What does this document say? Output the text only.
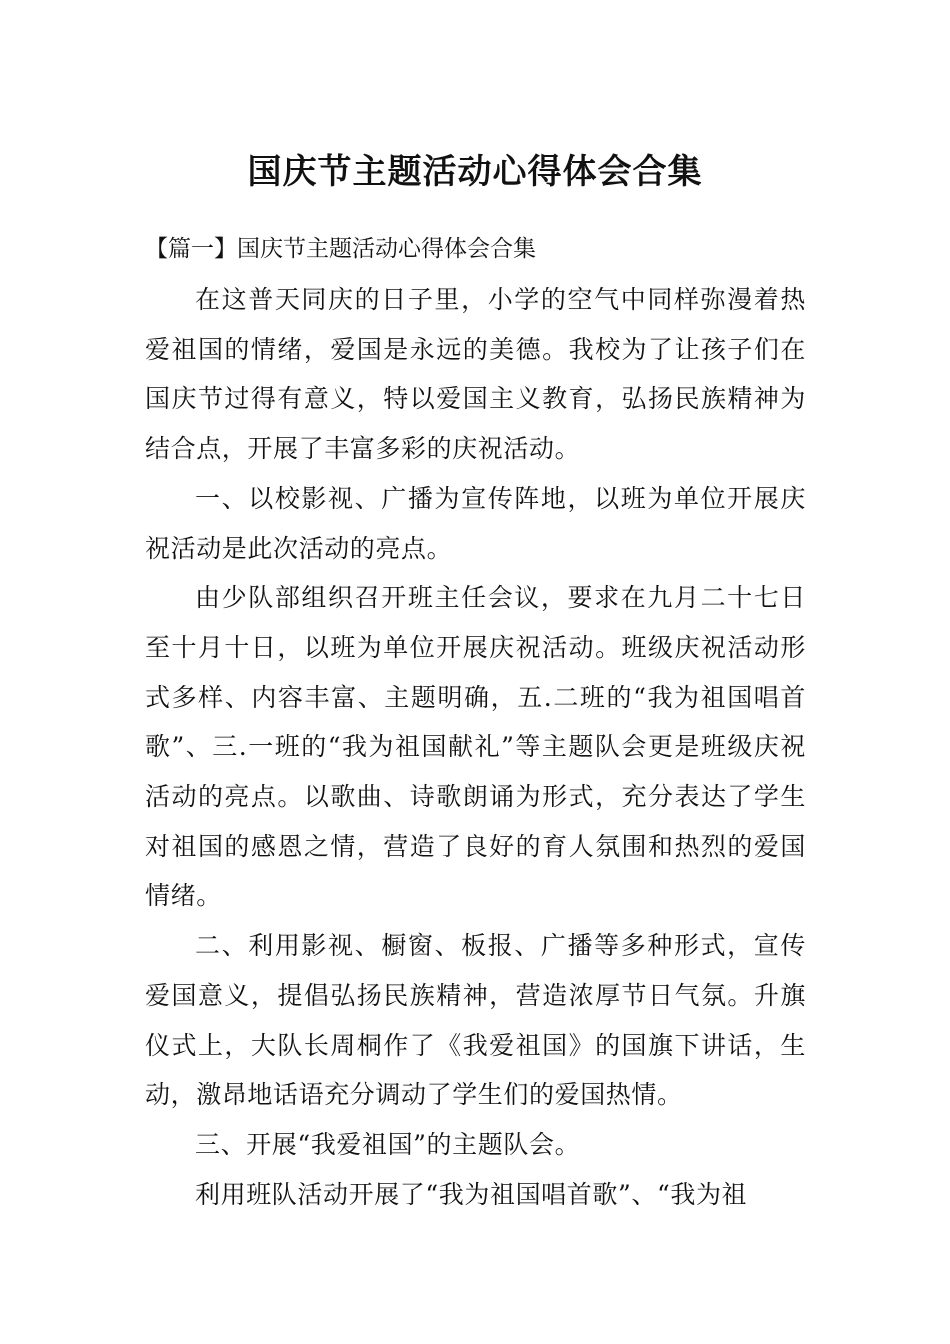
国庆节主题活动心得体会合集
【篇一】国庆节主题活动心得体会合集

在这普天同庆的日子里，小学的空气中同样弥漫着热爱祖国的情绪，爱国是永远的美德。我校为了让孩子们在国庆节过得有意义，特以爱国主义教育，弘扬民族精神为结合点，开展了丰富多彩的庆祝活动。

一、以校影视、广播为宣传阵地，以班为单位开展庆祝活动是此次活动的亮点。

由少队部组织召开班主任会议，要求在九月二十七日至十月十日，以班为单位开展庆祝活动。班级庆祝活动形式多样、内容丰富、主题明确，五.二班的“我为祖国唱首歌”、三.一班的“我为祖国献礼”等主题队会更是班级庆祝活动的亮点。以歌曲、诗歌朗诵为形式，充分表达了学生对祖国的感恩之情，营造了良好的育人氛围和热烈的爱国情绪。

二、利用影视、橱窗、板报、广播等多种形式，宣传爱国意义，提倡弘扬民族精神，营造浓厚节日气氛。升旗仪式上，大队长周桐作了《我爱祖国》的国旗下讲话，生动，激昂地话语充分调动了学生们的爱国热情。

三、开展“我爱祖国”的主题队会。

利用班队活动开展了“我为祖国唱首歌”、“我为祖
